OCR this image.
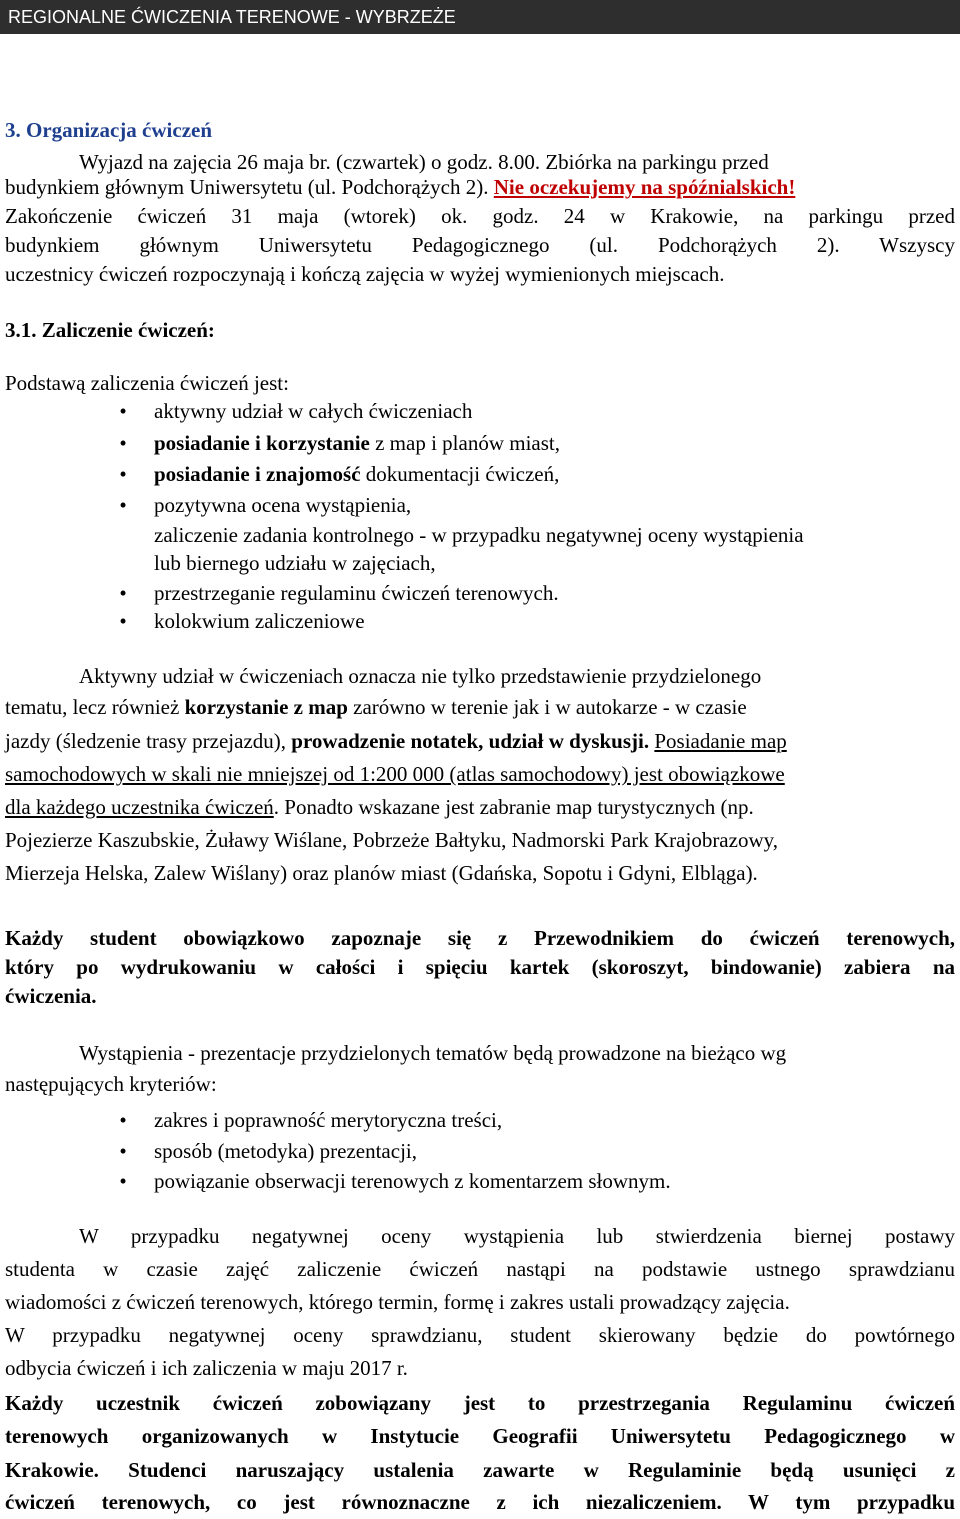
REGIONALNE ĆWICZENIA TERENOWE - WYBRZEŻE
3. Organizacja ćwiczeń
Wyjazd na zajęcia 26 maja br. (czwartek) o godz. 8.00. Zbiórka na parkingu przed
budynkiem głównym Uniwersytetu (ul. Podchorążych 2). Nie oczekujemy na spóźnialskich!
Zakończenie ćwiczeń 31 maja (wtorek) ok. godz. 24 w Krakowie, na parkingu przed
budynkiem głównym Uniwersytetu Pedagogicznego (ul. Podchorążych 2). Wszyscy
uczestnicy ćwiczeń rozpoczynają i kończą zajęcia w wyżej wymienionych miejscach.
3.1. Zaliczenie ćwiczeń:
Podstawą zaliczenia ćwiczeń jest:
• aktywny udział w całych ćwiczeniach
• posiadanie i korzystanie z map i planów miast,
• posiadanie i znajomość dokumentacji ćwiczeń,
• pozytywna ocena wystąpienia,
zaliczenie zadania kontrolnego - w przypadku negatywnej oceny wystąpienia
lub biernego udziału w zajęciach,
• przestrzeganie regulaminu ćwiczeń terenowych.
• kolokwium zaliczeniowe
Aktywny udział w ćwiczeniach oznacza nie tylko przedstawienie przydzielonego
tematu, lecz również korzystanie z map zarówno w terenie jak i w autokarze - w czasie
jazdy (śledzenie trasy przejazdu), prowadzenie notatek, udział w dyskusji. Posiadanie map
samochodowych w skali nie mniejszej od 1:200 000 (atlas samochodowy) jest obowiązkowe
dla każdego uczestnika ćwiczeń. Ponadto wskazane jest zabranie map turystycznych (np.
Pojezierze Kaszubskie, Żuławy Wiślane, Pobrzeże Bałtyku, Nadmorski Park Krajobrazowy,
Mierzeja Helska, Zalew Wiślany) oraz planów miast (Gdańska, Sopotu i Gdyni, Elbląga).
Każdy student obowiązkowo zapoznaje się z Przewodnikiem do ćwiczeń terenowych,
który po wydrukowaniu w całości i spięciu kartek (skoroszyt, bindowanie) zabiera na
ćwiczenia.
Wystąpienia - prezentacje przydzielonych tematów będą prowadzone na bieżąco wg
następujących kryteriów:
• zakres i poprawność merytoryczna treści,
• sposób (metodyka) prezentacji,
• powiązanie obserwacji terenowych z komentarzem słownym.
W przypadku negatywnej oceny wystąpienia lub stwierdzenia biernej postawy
studenta w czasie zajęć zaliczenie ćwiczeń nastąpi na podstawie ustnego sprawdzianu
wiadomości z ćwiczeń terenowych, którego termin, formę i zakres ustali prowadzący zajęcia.
W przypadku negatywnej oceny sprawdzianu, student skierowany będzie do powtórnego
odbycia ćwiczeń i ich zaliczenia w maju 2017 r.
Każdy uczestnik ćwiczeń zobowiązany jest to przestrzegania Regulaminu ćwiczeń
terenowych organizowanych w Instytucie Geografii Uniwersytetu Pedagogicznego w
Krakowie. Studenci naruszający ustalenia zawarte w Regulaminie będą usunięci z
ćwiczeń terenowych, co jest równoznaczne z ich niezaliczeniem. W tym przypadku
